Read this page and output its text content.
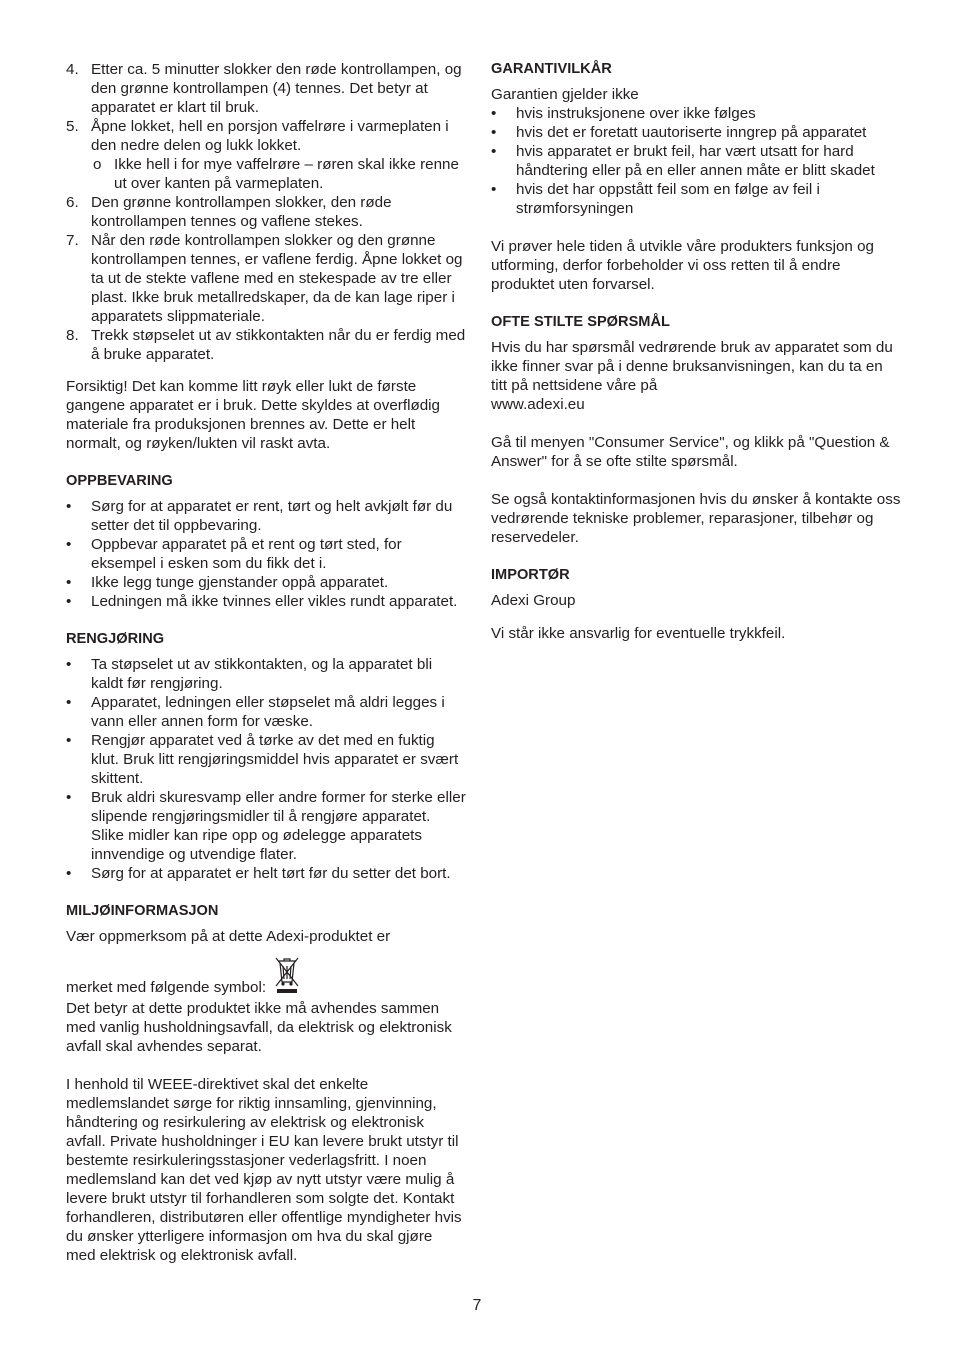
4. Etter ca. 5 minutter slokker den røde kontrollampen, og den grønne kontrollampen (4) tennes. Det betyr at apparatet er klart til bruk.
5. Åpne lokket, hell en porsjon vaffelrøre i varmeplaten i den nedre delen og lukk lokket.
o Ikke hell i for mye vaffelrøre – røren skal ikke renne ut over kanten på varmeplaten.
6. Den grønne kontrollampen slokker, den røde kontrollampen tennes og vaflene stekes.
7. Når den røde kontrollampen slokker og den grønne kontrollampen tennes, er vaflene ferdig. Åpne lokket og ta ut de stekte vaflene med en stekespade av tre eller plast. Ikke bruk metallredskaper, da de kan lage riper i apparatets slippmateriale.
8. Trekk støpselet ut av stikkontakten når du er ferdig med å bruke apparatet.

Forsiktig! Det kan komme litt røyk eller lukt de første gangene apparatet er i bruk. Dette skyldes at overflødig materiale fra produksjonen brennes av. Dette er helt normalt, og røyken/lukten vil raskt avta.

OPPBEVARING

• Sørg for at apparatet er rent, tørt og helt avkjølt før du setter det til oppbevaring.
• Oppbevar apparatet på et rent og tørt sted, for eksempel i esken som du fikk det i.
• Ikke legg tunge gjenstander oppå apparatet.
• Ledningen må ikke tvinnes eller vikles rundt apparatet.

RENGJØRING

• Ta støpselet ut av stikkontakten, og la apparatet bli kaldt før rengjøring.
• Apparatet, ledningen eller støpselet må aldri legges i vann eller annen form for væske.
• Rengjør apparatet ved å tørke av det med en fuktig klut. Bruk litt rengjøringsmiddel hvis apparatet er svært skittent.
• Bruk aldri skuresvamp eller andre former for sterke eller slipende rengjøringsmidler til å rengjøre apparatet. Slike midler kan ripe opp og ødelegge apparatets innvendige og utvendige flater.
• Sørg for at apparatet er helt tørt før du setter det bort.

MILJØINFORMASJON

Vær oppmerksom på at dette Adexi-produktet er

merket med følgende symbol:

Det betyr at dette produktet ikke må avhendes sammen med vanlig husholdningsavfall, da elektrisk og elektronisk avfall skal avhendes separat.

I henhold til WEEE-direktivet skal det enkelte medlemslandet sørge for riktig innsamling, gjenvinning, håndtering og resirkulering av elektrisk og elektronisk avfall. Private husholdninger i EU kan levere brukt utstyr til bestemte resirkuleringsstasjoner vederlagsfritt. I noen medlemsland kan det ved kjøp av nytt utstyr være mulig å levere brukt utstyr til forhandleren som solgte det. Kontakt forhandleren, distributøren eller offentlige myndigheter hvis du ønsker ytterligere informasjon om hva du skal gjøre med elektrisk og elektronisk avfall.

GARANTIVILKÅR

Garantien gjelder ikke

• hvis instruksjonene over ikke følges
• hvis det er foretatt uautoriserte inngrep på apparatet
• hvis apparatet er brukt feil, har vært utsatt for hard håndtering eller på en eller annen måte er blitt skadet
• hvis det har oppstått feil som en følge av feil i strømforsyningen

Vi prøver hele tiden å utvikle våre produkters funksjon og utforming, derfor forbeholder vi oss retten til å endre produktet uten forvarsel.

OFTE STILTE SPØRSMÅL

Hvis du har spørsmål vedrørende bruk av apparatet som du ikke finner svar på i denne bruksanvisningen, kan du ta en titt på nettsidene våre på

www.adexi.eu

Gå til menyen "Consumer Service", og klikk på "Question & Answer" for å se ofte stilte spørsmål.

Se også kontaktinformasjonen hvis du ønsker å kontakte oss vedrørende tekniske problemer, reparasjoner, tilbehør og reservedeler.

IMPORTØR

Adexi Group

Vi står ikke ansvarlig for eventuelle trykkfeil.

7
